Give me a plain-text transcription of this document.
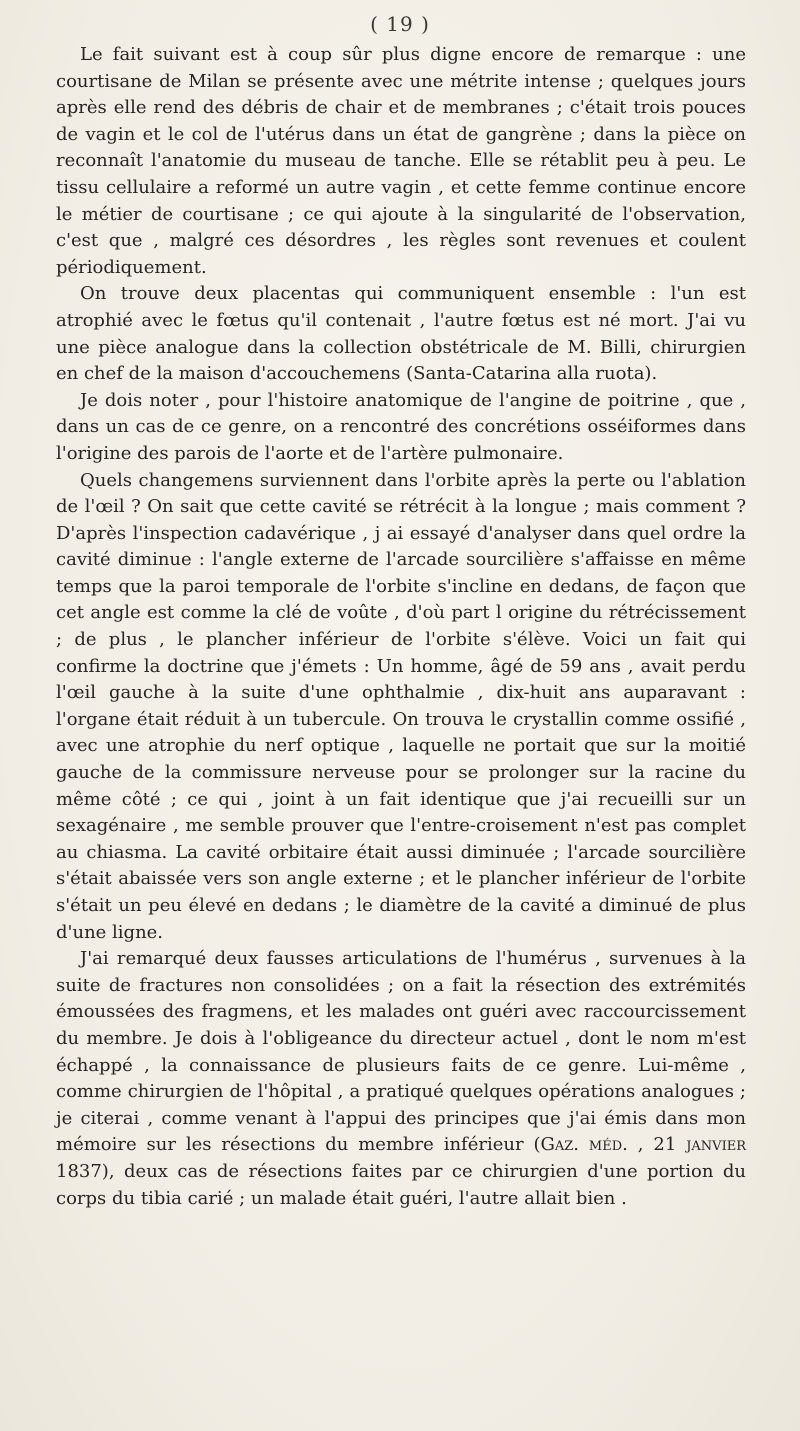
( 19 )

Le fait suivant est à coup sûr plus digne encore de remarque : une courtisane de Milan se présente avec une métrite intense ; quelques jours après elle rend des débris de chair et de membranes ; c'était trois pouces de vagin et le col de l'utérus dans un état de gangrène ; dans la pièce on reconnaît l'anatomie du museau de tanche. Elle se rétablit peu à peu. Le tissu cellulaire a reformé un autre vagin , et cette femme continue encore le métier de courtisane ; ce qui ajoute à la singularité de l'observation, c'est que , malgré ces désordres , les règles sont revenues et coulent périodiquement.

On trouve deux placentas qui communiquent ensemble : l'un est atrophié avec le fœtus qu'il contenait , l'autre fœtus est né mort. J'ai vu une pièce analogue dans la collection obstétricale de M. Billi, chirurgien en chef de la maison d'accouchemens (Santa-Catarina alla ruota).

Je dois noter , pour l'histoire anatomique de l'angine de poitrine , que , dans un cas de ce genre, on a rencontré des concrétions osséiformes dans l'origine des parois de l'aorte et de l'artère pulmonaire.

Quels changemens surviennent dans l'orbite après la perte ou l'ablation de l'œil ? On sait que cette cavité se rétrécit à la longue ; mais comment ? D'après l'inspection cadavérique , j ai essayé d'analyser dans quel ordre la cavité diminue : l'angle externe de l'arcade sourcilière s'affaisse en même temps que la paroi temporale de l'orbite s'incline en dedans, de façon que cet angle est comme la clé de voûte , d'où part l origine du rétrécissement ; de plus , le plancher inférieur de l'orbite s'élève. Voici un fait qui confirme la doctrine que j'émets : Un homme, âgé de 59 ans , avait perdu l'œil gauche à la suite d'une ophthalmie , dix-huit ans auparavant : l'organe était réduit à un tubercule. On trouva le crystallin comme ossifié , avec une atrophie du nerf optique , laquelle ne portait que sur la moitié gauche de la commissure nerveuse pour se prolonger sur la racine du même côté ; ce qui , joint à un fait identique que j'ai recueilli sur un sexagénaire , me semble prouver que l'entre-croisement n'est pas complet au chiasma. La cavité orbitaire était aussi diminuée ; l'arcade sourcilière s'était abaissée vers son angle externe ; et le plancher inférieur de l'orbite s'était un peu élevé en dedans ; le diamètre de la cavité a diminué de plus d'une ligne.

J'ai remarqué deux fausses articulations de l'humérus , survenues à la suite de fractures non consolidées ; on a fait la résection des extrémités émoussées des fragmens, et les malades ont guéri avec raccourcissement du membre. Je dois à l'obligeance du directeur actuel , dont le nom m'est échappé , la connaissance de plusieurs faits de ce genre. Lui-même , comme chirurgien de l'hôpital , a pratiqué quelques opérations analogues ; je citerai , comme venant à l'appui des principes que j'ai émis dans mon mémoire sur les résections du membre inférieur (Gaz. méd. , 21 janvier 1837), deux cas de résections faites par ce chirurgien d'une portion du corps du tibia carié ; un malade était guéri, l'autre allait bien .
